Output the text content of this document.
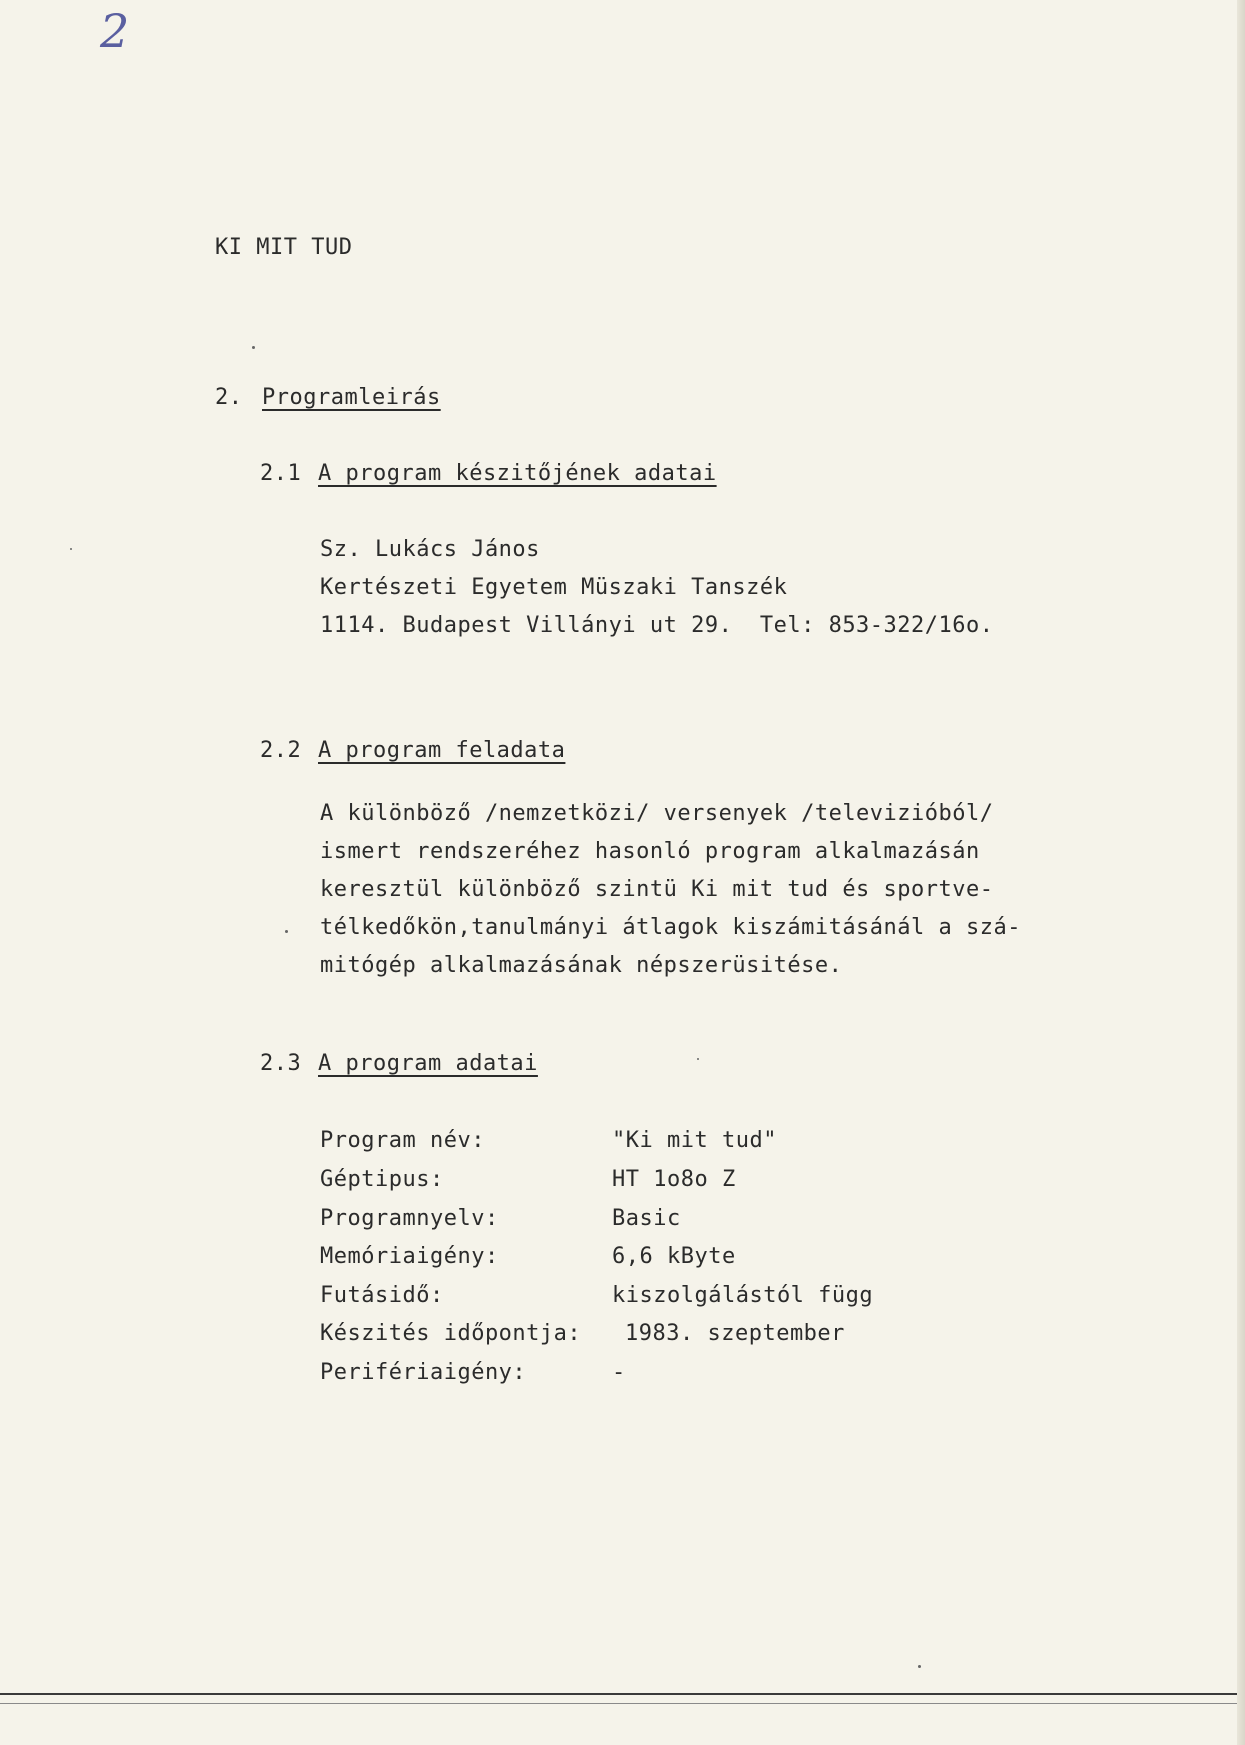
2
KI MIT TUD
2. Programleirás
2.1 A program készitőjének adatai
Sz. Lukács János
Kertészeti Egyetem Müszaki Tanszék
1114. Budapest Villányi ut 29.  Tel: 853-322/16o.
2.2 A program feladata
A különböző /nemzetközi/ versenyek /televizióból/
ismert rendszeréhez hasonló program alkalmazásán
keresztül különböző szintü Ki mit tud és sportve-
télkedőkön,tanulmányi átlagok kiszámitásánál a szá-
mitógép alkalmazásának népszerüsitése.
2.3 A program adatai
Program név:	"Ki mit tud"
Géptipus:	HT 1o8o Z
Programnyelv:	Basic
Memóriaigény:	6,6 kByte
Futásidő:	kiszolgálástól függ
Készités időpontja: 1983. szeptember
Perifériaigény:	-
